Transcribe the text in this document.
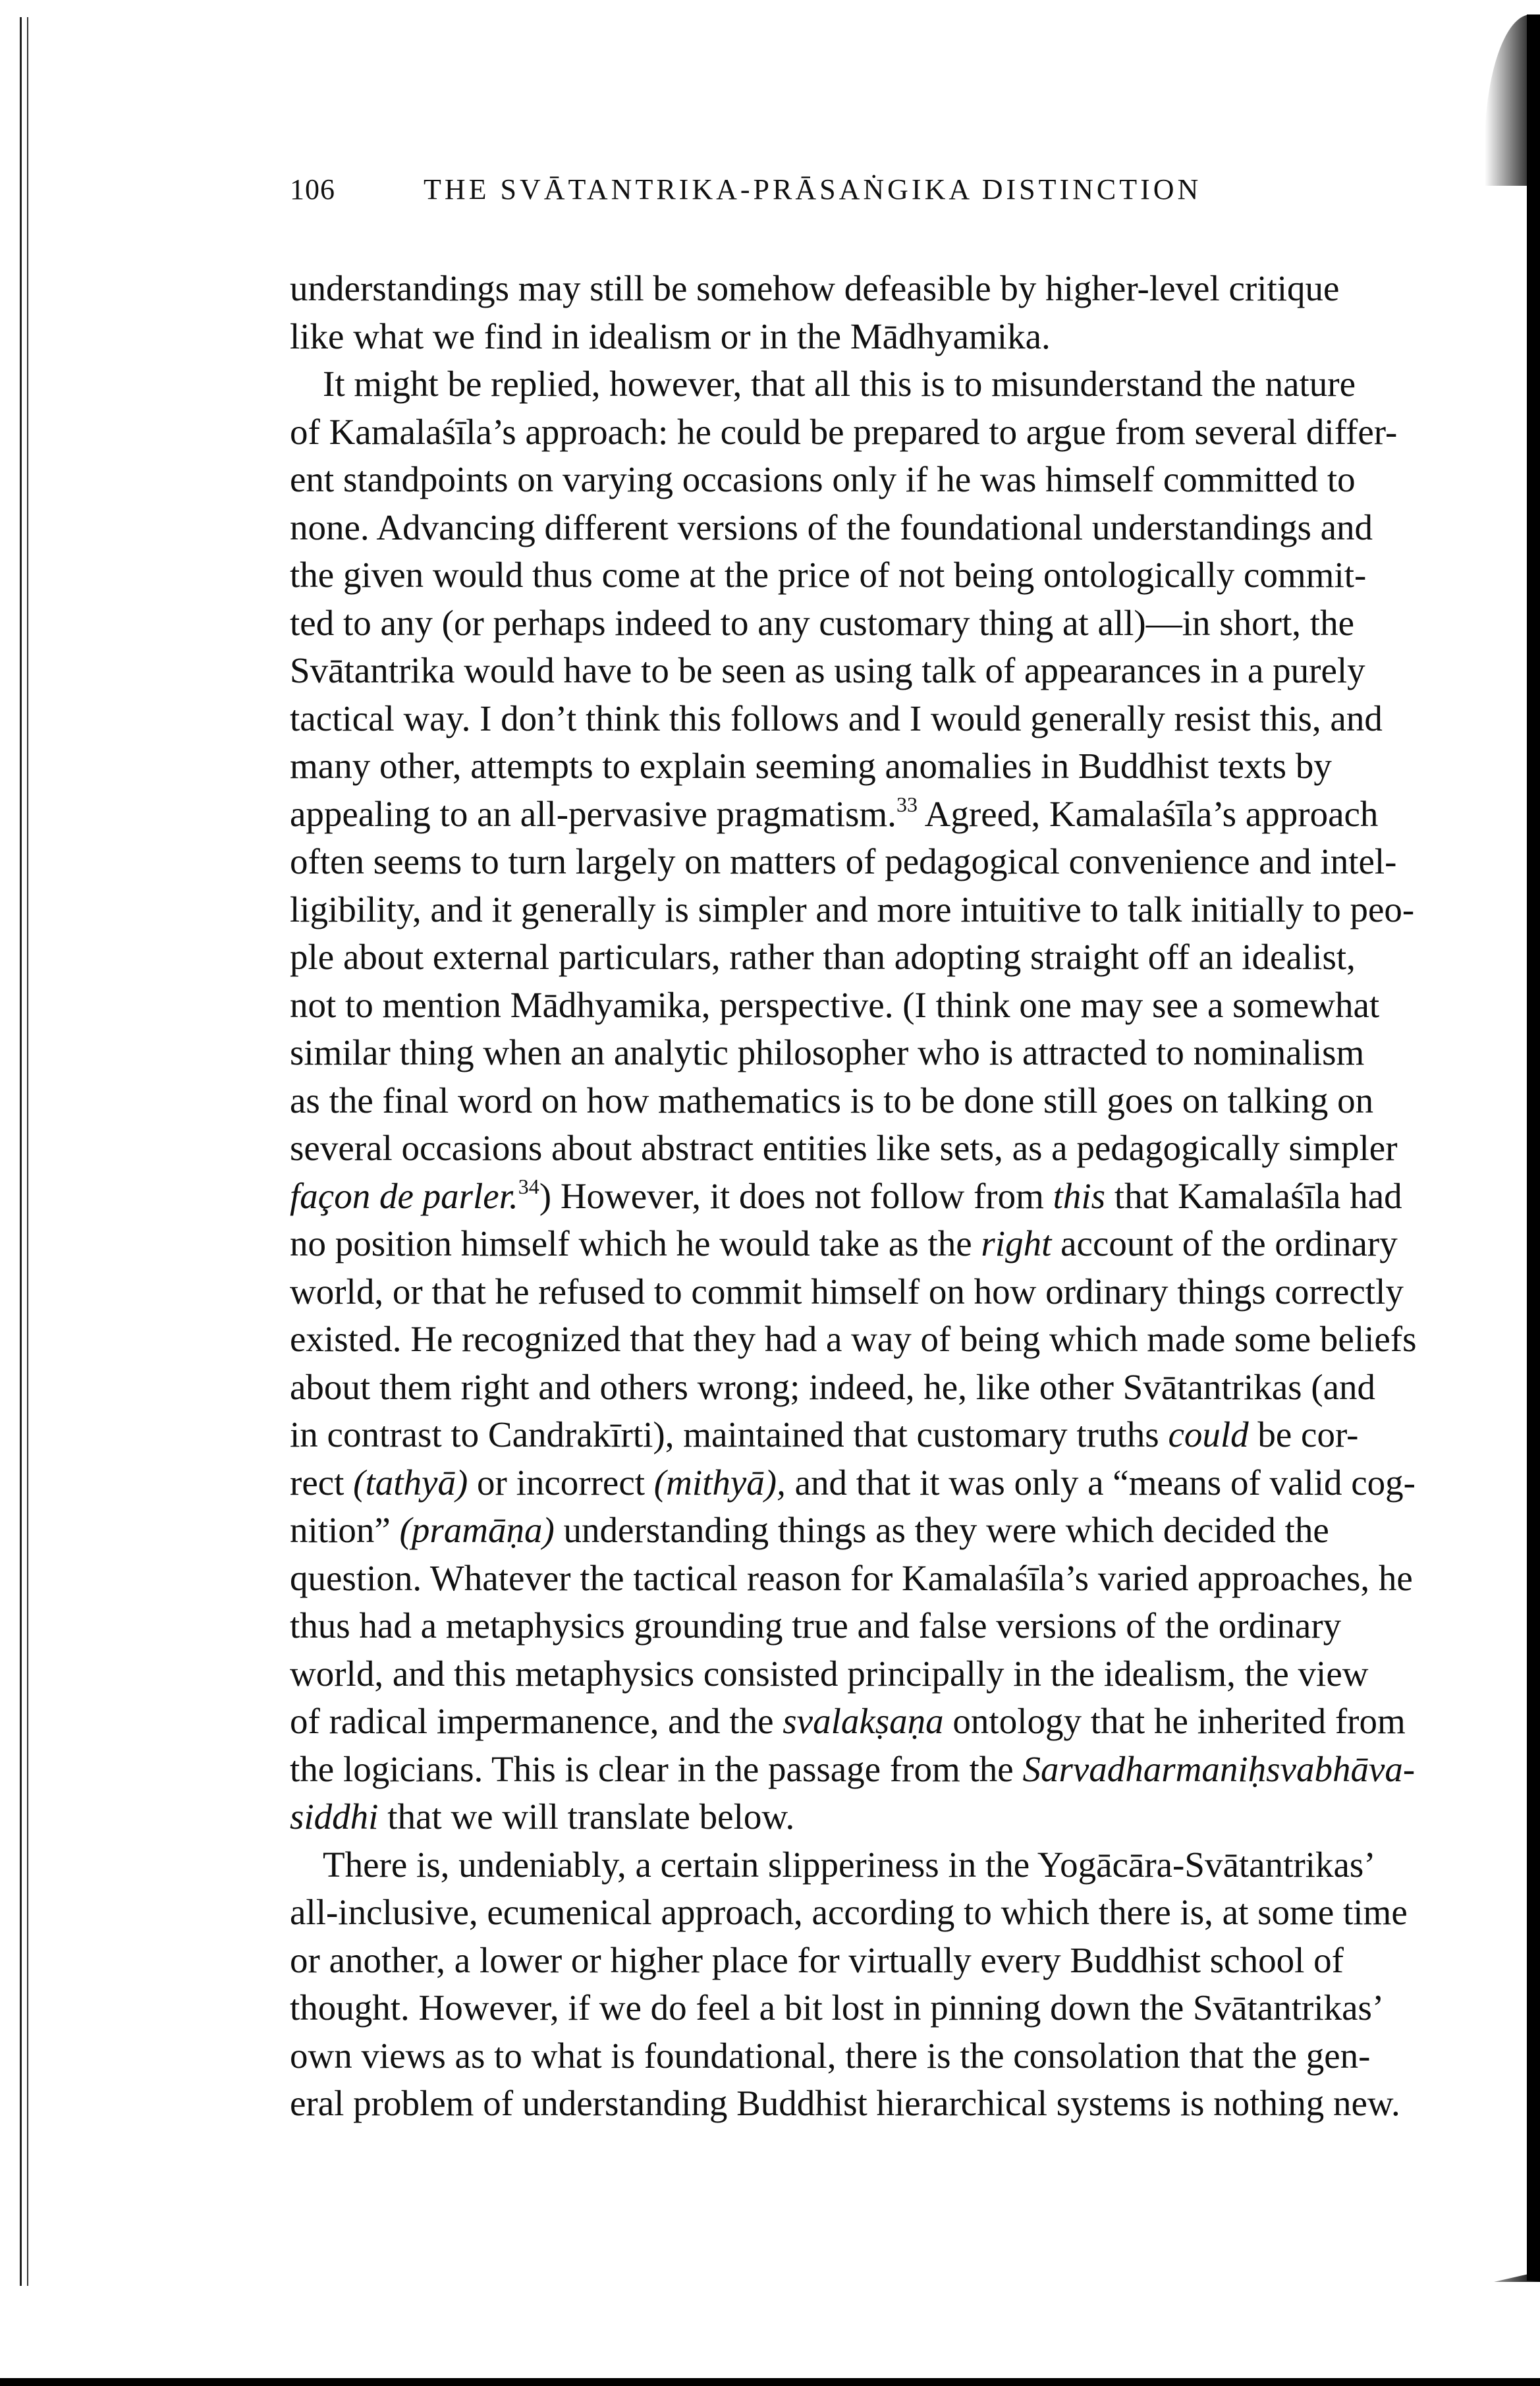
106	THE SVĀTANTRIKA-PRĀSAṄGIKA DISTINCTION
understandings may still be somehow defeasible by higher-level critique
like what we find in idealism or in the Mādhyamika.
It might be replied, however, that all this is to misunderstand the nature
of Kamalaśīla’s approach: he could be prepared to argue from several differ-
ent standpoints on varying occasions only if he was himself committed to
none. Advancing different versions of the foundational understandings and
the given would thus come at the price of not being ontologically commit-
ted to any (or perhaps indeed to any customary thing at all)—in short, the
Svātantrika would have to be seen as using talk of appearances in a purely
tactical way. I don’t think this follows and I would generally resist this, and
many other, attempts to explain seeming anomalies in Buddhist texts by
appealing to an all-pervasive pragmatism.$^{33}$ Agreed, Kamalaśīla’s approach
often seems to turn largely on matters of pedagogical convenience and intel-
ligibility, and it generally is simpler and more intuitive to talk initially to peo-
ple about external particulars, rather than adopting straight off an idealist,
not to mention Mādhyamika, perspective. (I think one may see a somewhat
similar thing when an analytic philosopher who is attracted to nominalism
as the final word on how mathematics is to be done still goes on talking on
several occasions about abstract entities like sets, as a pedagogically simpler
façon de parler.$^{34}$) However, it does not follow from this that Kamalaśīla had
no position himself which he would take as the right account of the ordinary
world, or that he refused to commit himself on how ordinary things correctly
existed. He recognized that they had a way of being which made some beliefs
about them right and others wrong; indeed, he, like other Svātantrikas (and
in contrast to Candrakīrti), maintained that customary truths could be cor-
rect (tathyā) or incorrect (mithyā), and that it was only a “means of valid cog-
nition” (pramāṇa) understanding things as they were which decided the
question. Whatever the tactical reason for Kamalaśīla’s varied approaches, he
thus had a metaphysics grounding true and false versions of the ordinary
world, and this metaphysics consisted principally in the idealism, the view
of radical impermanence, and the svalakṣaṇa ontology that he inherited from
the logicians. This is clear in the passage from the Sarvadharmaniḥsvabhāva-
siddhi that we will translate below.
There is, undeniably, a certain slipperiness in the Yogācāra-Svātantrikas’
all-inclusive, ecumenical approach, according to which there is, at some time
or another, a lower or higher place for virtually every Buddhist school of
thought. However, if we do feel a bit lost in pinning down the Svātantrikas’
own views as to what is foundational, there is the consolation that the gen-
eral problem of understanding Buddhist hierarchical systems is nothing new.
